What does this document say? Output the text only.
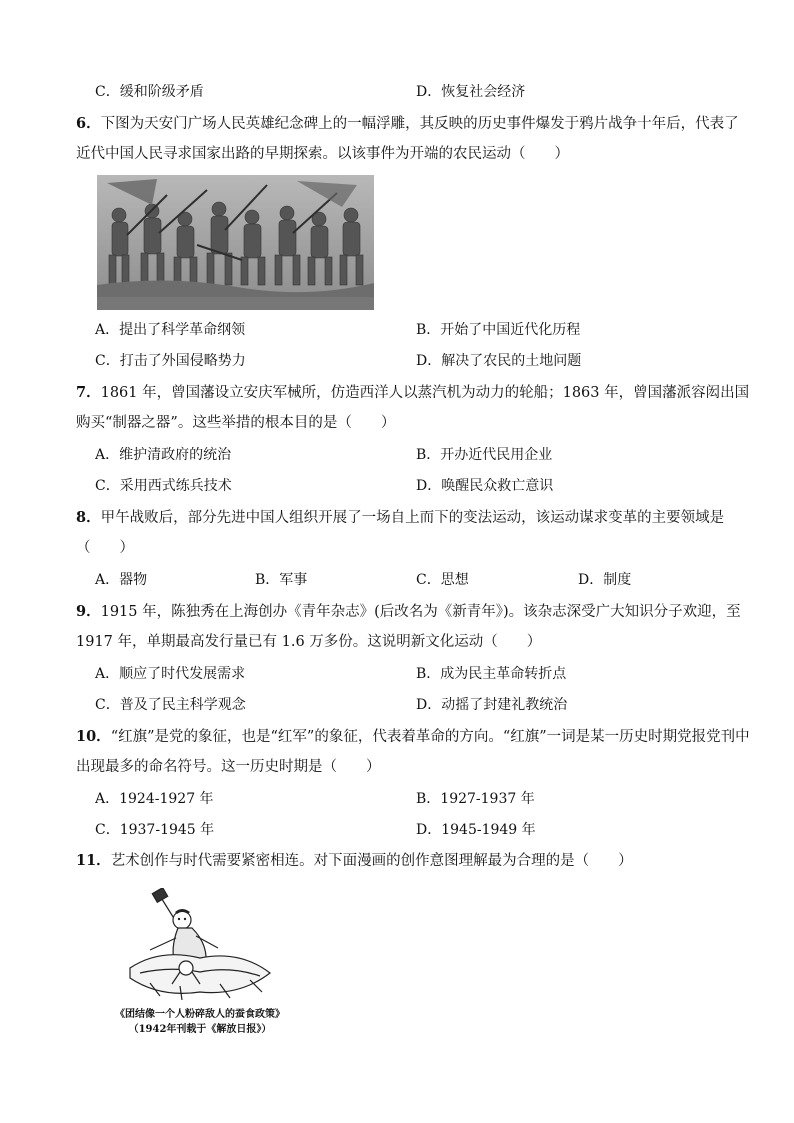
C．缓和阶级矛盾	D．恢复社会经济
6．下图为天安门广场人民英雄纪念碑上的一幅浮雕，其反映的历史事件爆发于鸦片战争十年后，代表了
近代中国人民寻求国家出路的早期探索。以该事件为开端的农民运动（　　）
A．提出了科学革命纲领	B．开始了中国近代化历程
C．打击了外国侵略势力	D．解决了农民的土地问题
7．1861 年，曾国藩设立安庆军械所，仿造西洋人以蒸汽机为动力的轮船；1863 年，曾国藩派容闳出国
购买“制器之器”。这些举措的根本目的是（　　）
A．维护清政府的统治	B．开办近代民用企业
C．采用西式练兵技术	D．唤醒民众救亡意识
8．甲午战败后，部分先进中国人组织开展了一场自上而下的变法运动，该运动谋求变革的主要领域是
（　　）
A．器物	B．军事	C．思想	D．制度
9．1915 年，陈独秀在上海创办《青年杂志》(后改名为《新青年》)。该杂志深受广大知识分子欢迎，至
1917 年，单期最高发行量已有 1.6 万多份。这说明新文化运动（　　）
A．顺应了时代发展需求	B．成为民主革命转折点
C．普及了民主科学观念	D．动摇了封建礼教统治
10．“红旗”是党的象征，也是“红军”的象征，代表着革命的方向。“红旗”一词是某一历史时期党报党刊中
出现最多的命名符号。这一历史时期是（　　）
A．1924-1927 年	B．1927-1937 年
C．1937-1945 年	D．1945-1949 年
11．艺术创作与时代需要紧密相连。对下面漫画的创作意图理解最为合理的是（　　）
《团结像一个人粉碎敌人的蚕食政策》
（1942年刊载于《解放日报》）
